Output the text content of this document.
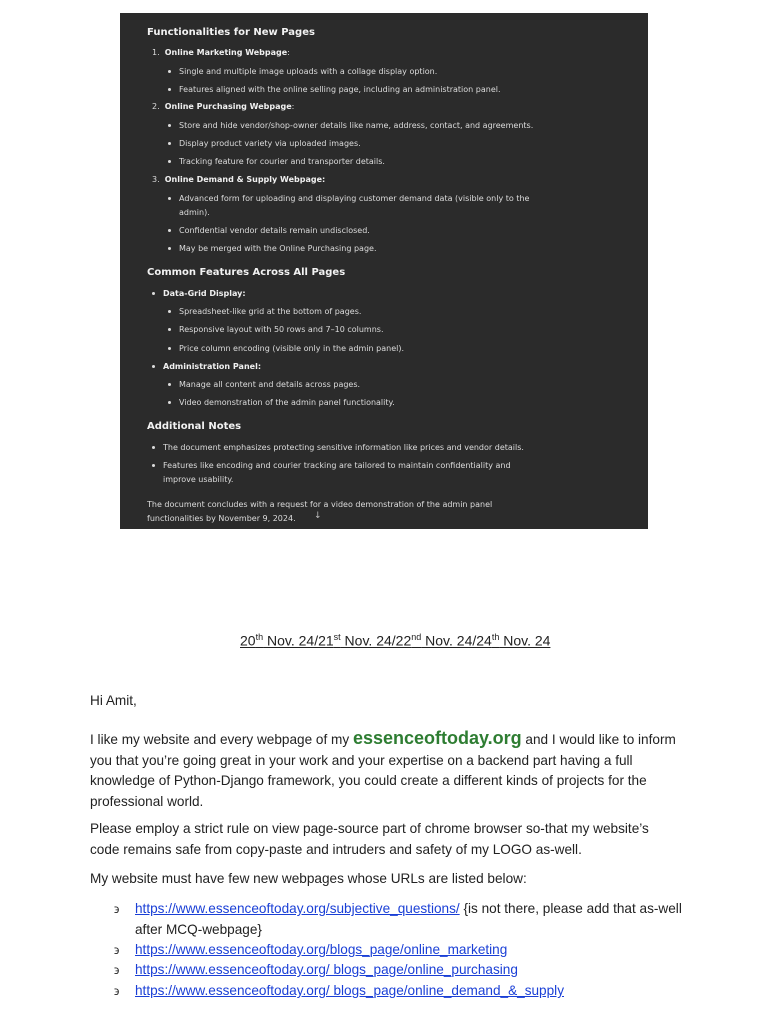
Functionalities for New Pages
1.  Online Marketing Webpage:
Single and multiple image uploads with a collage display option.
Features aligned with the online selling page, including an administration panel.
2.  Online Purchasing Webpage:
Store and hide vendor/shop-owner details like name, address, contact, and agreements.
Display product variety via uploaded images.
Tracking feature for courier and transporter details.
3.  Online Demand & Supply Webpage:
Advanced form for uploading and displaying customer demand data (visible only to the
admin).
Confidential vendor details remain undisclosed.
May be merged with the Online Purchasing page.
Common Features Across All Pages
Data-Grid Display:
Spreadsheet-like grid at the bottom of pages.
Responsive layout with 50 rows and 7–10 columns.
Price column encoding (visible only in the admin panel).
Administration Panel:
Manage all content and details across pages.
Video demonstration of the admin panel functionality.
Additional Notes
The document emphasizes protecting sensitive information like prices and vendor details.
Features like encoding and courier tracking are tailored to maintain confidentiality and
improve usability.
The document concludes with a request for a video demonstration of the admin panel
functionalities by November 9, 2024. ↓
20th Nov. 24/21st Nov. 24/22nd Nov. 24/24th Nov. 24

Hi Amit,

I like my website and every webpage of my essenceoftoday.org and I would like to inform you that you’re going great in your work and your expertise on a backend part having a full knowledge of Python-Django framework, you could create a different kinds of projects for the professional world.

Please employ a strict rule on view page-source part of chrome browser so-that my website’s code remains safe from copy-paste and intruders and safety of my LOGO as-well.

My website must have few new webpages whose URLs are listed below:

϶ https://www.essenceoftoday.org/subjective_questions/ {is not there, please add that as-well after MCQ-webpage}
϶ https://www.essenceoftoday.org/blogs_page/online_marketing
϶ https://www.essenceoftoday.org/ blogs_page/online_purchasing
϶ https://www.essenceoftoday.org/ blogs_page/online_demand_&_supply
